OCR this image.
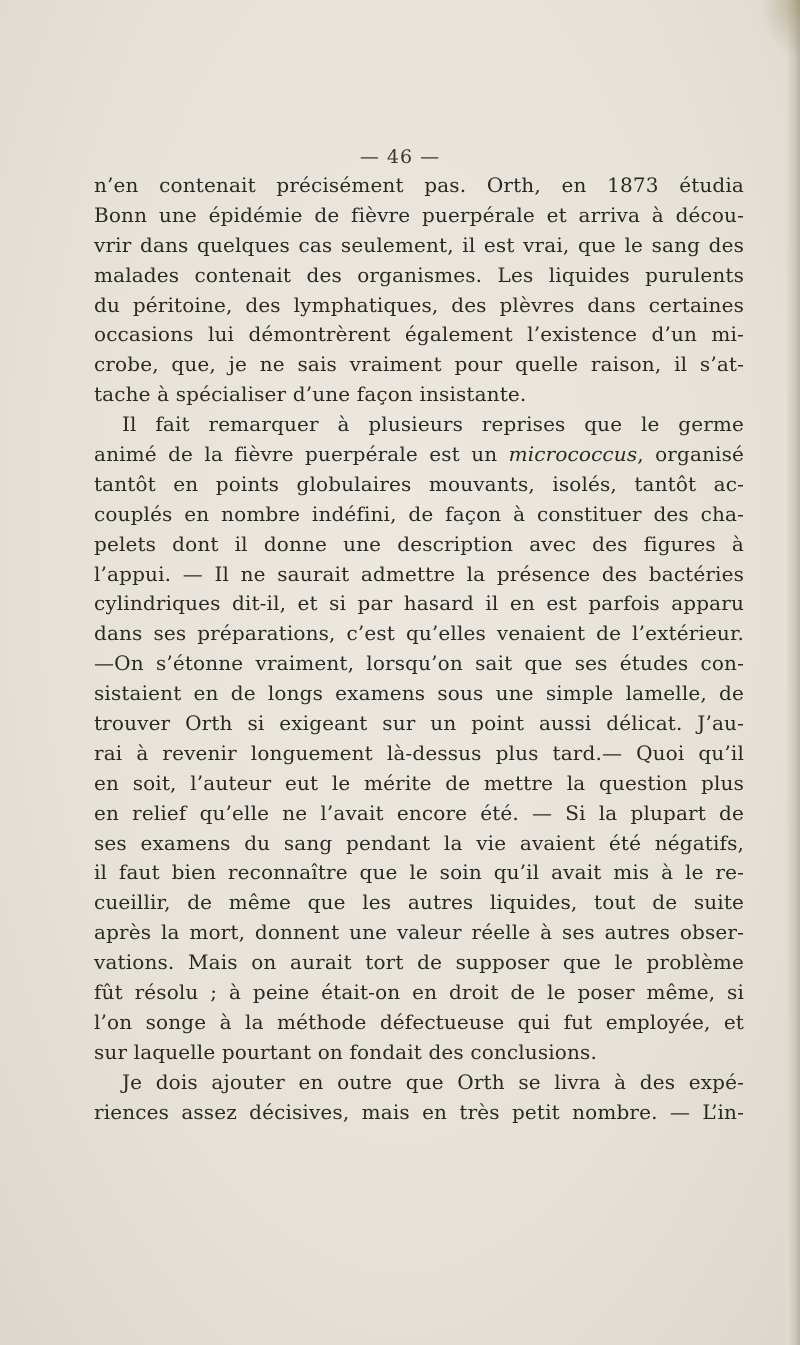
— 46 —
n’en contenait précisément pas. Orth, en 1873 étudia
Bonn une épidémie de fièvre puerpérale et arriva à décou-
vrir dans quelques cas seulement, il est vrai, que le sang des
malades contenait des organismes. Les liquides purulents
du péritoine, des lymphatiques, des plèvres dans certaines
occasions lui démontrèrent également l’existence d’un mi-
crobe, que, je ne sais vraiment pour quelle raison, il s’at-
tache à spécialiser d’une façon insistante.
Il fait remarquer à plusieurs reprises que le germe
animé de la fièvre puerpérale est un micrococcus, organisé
tantôt en points globulaires mouvants, isolés, tantôt ac-
couplés en nombre indéfini, de façon à constituer des cha-
pelets dont il donne une description avec des figures à
l’appui. — Il ne saurait admettre la présence des bactéries
cylindriques dit-il, et si par hasard il en est parfois apparu
dans ses préparations, c’est qu’elles venaient de l’extérieur.
—On s’étonne vraiment, lorsqu’on sait que ses études con-
sistaient en de longs examens sous une simple lamelle, de
trouver Orth si exigeant sur un point aussi délicat. J’au-
rai à revenir longuement là-dessus plus tard.— Quoi qu’il
en soit, l’auteur eut le mérite de mettre la question plus
en relief qu’elle ne l’avait encore été. — Si la plupart de
ses examens du sang pendant la vie avaient été négatifs,
il faut bien reconnaître que le soin qu’il avait mis à le re-
cueillir, de même que les autres liquides, tout de suite
après la mort, donnent une valeur réelle à ses autres obser-
vations. Mais on aurait tort de supposer que le problème
fût résolu ; à peine était-on en droit de le poser même, si
l’on songe à la méthode défectueuse qui fut employée, et
sur laquelle pourtant on fondait des conclusions.
Je dois ajouter en outre que Orth se livra à des expé-
riences assez décisives, mais en très petit nombre. — L’in-
